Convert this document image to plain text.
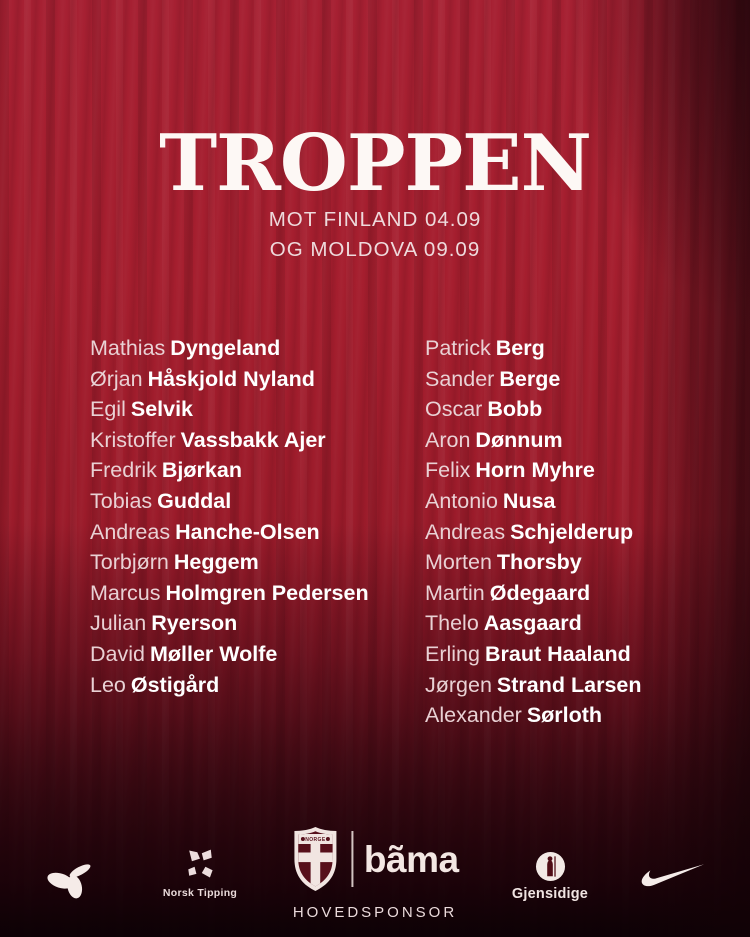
TROPPEN
MOT FINLAND 04.09
OG MOLDOVA 09.09
Mathias Dyngeland
Ørjan Håskjold Nyland
Egil Selvik
Kristoffer Vassbakk Ajer
Fredrik Bjørkan
Tobias Guddal
Andreas Hanche-Olsen
Torbjørn Heggem
Marcus Holmgren Pedersen
Julian Ryerson
David Møller Wolfe
Leo Østigård
Patrick Berg
Sander Berge
Oscar Bobb
Aron Dønnum
Felix Horn Myhre
Antonio Nusa
Andreas Schjelderup
Morten Thorsby
Martin Ødegaard
Thelo Aasgaard
Erling Braut Haaland
Jørgen Strand Larsen
Alexander Sørloth
Norsk Tipping
NORGE bãma
HOVEDSPONSOR
Gjensidige
